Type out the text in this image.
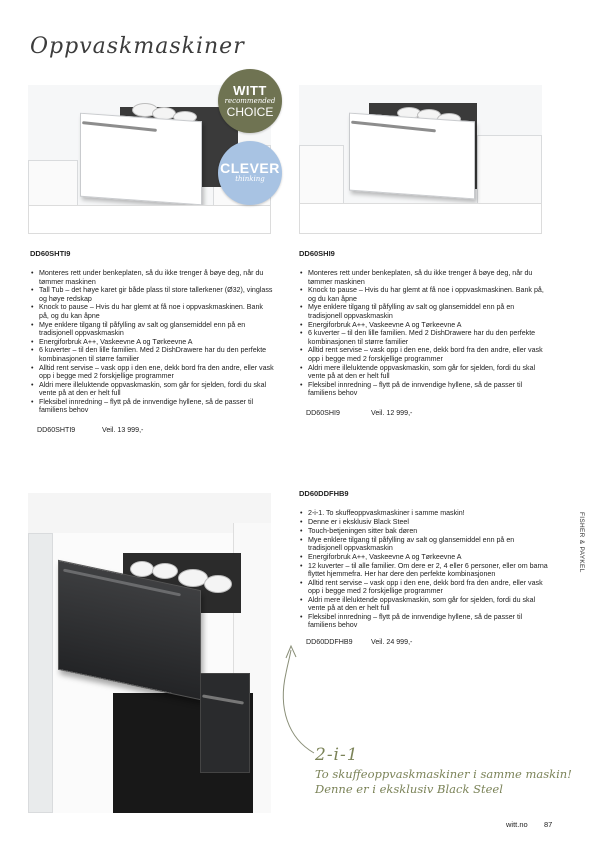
Oppvaskmaskiner
WITT
recommended
CHOICE
CLEVER
thinking
DD60SHTI9
• Monteres rett under benkeplaten, så du ikke trenger å bøye deg, når du tømmer maskinen
• Tall Tub – det høye karet gir både plass til store tallerkener (Ø32), vinglass og høye redskap
• Knock to pause – Hvis du har glemt at få noe i oppvaskmaskinen. Bank på, og du kan åpne
• Mye enklere tilgang til påfylling av salt og glansemiddel enn på en tradisjonell oppvaskmaskin
• Energiforbruk A++, Vaskeevne A og Tørkeevne A
• 6 kuverter – til den lille familien. Med 2 DishDrawere har du den perfekte kombinasjonen til større familier
• Alltid rent servise – vask opp i den ene, dekk bord fra den andre, eller vask opp i begge med 2 forskjellige programmer
• Aldri mere illeluktende oppvaskmaskin, som går for sjelden, fordi du skal vente på at den er helt full
• Fleksibel innredning – flytt på de innvendige hyllene, så de passer til familiens behov
DD60SHTI9	Veil. 13 999,-
DD60SHI9
• Monteres rett under benkeplaten, så du ikke trenger å bøye deg, når du tømmer maskinen
• Knock to pause – Hvis du har glemt at få noe i oppvaskmaskinen. Bank på, og du kan åpne
• Mye enklere tilgang til påfylling av salt og glansemiddel enn på en tradisjonell oppvaskmaskin
• Energiforbruk A++, Vaskeevne A og Tørkeevne A
• 6 kuverter – til den lille familien. Med 2 DishDrawere har du den perfekte kombinasjonen til større familier
• Alltid rent servise – vask opp i den ene, dekk bord fra den andre, eller vask opp i begge med 2 forskjellige programmer
• Aldri mere illeluktende oppvaskmaskin, som går for sjelden, fordi du skal vente på at den er helt full
• Fleksibel innredning – flytt på de innvendige hyllene, så de passer til familiens behov
DD60SHI9	Veil. 12 999,-
DD60DDFHB9
• 2-i-1. To skuffeoppvaskmaskiner i samme maskin!
• Denne er i eksklusiv Black Steel
• Touch-betjeningen sitter bak døren
• Mye enklere tilgang til påfylling av salt og glansemiddel enn på en tradisjonell oppvaskmaskin
• Energiforbruk A++, Vaskeevne A og Tørkeevne A
• 12 kuverter – til alle familier. Om dere er 2, 4 eller 6 personer, eller om barna flyttet hjemmefra. Her har dere den perfekte kombinasjonen
• Alltid rent servise – vask opp i den ene, dekk bord fra den andre, eller vask opp i begge med 2 forskjellige programmer
• Aldri mere illeluktende oppvaskmaskin, som går for sjelden, fordi du skal vente på at den er helt full
• Fleksibel innredning – flytt på de innvendige hyllene, så de passer til familiens behov
DD60DDFHB9	Veil. 24 999,-
FISHER & PAYKEL
2-i-1
To skuffeoppvaskmaskiner i samme maskin!
Denne er i eksklusiv Black Steel
witt.no 87
